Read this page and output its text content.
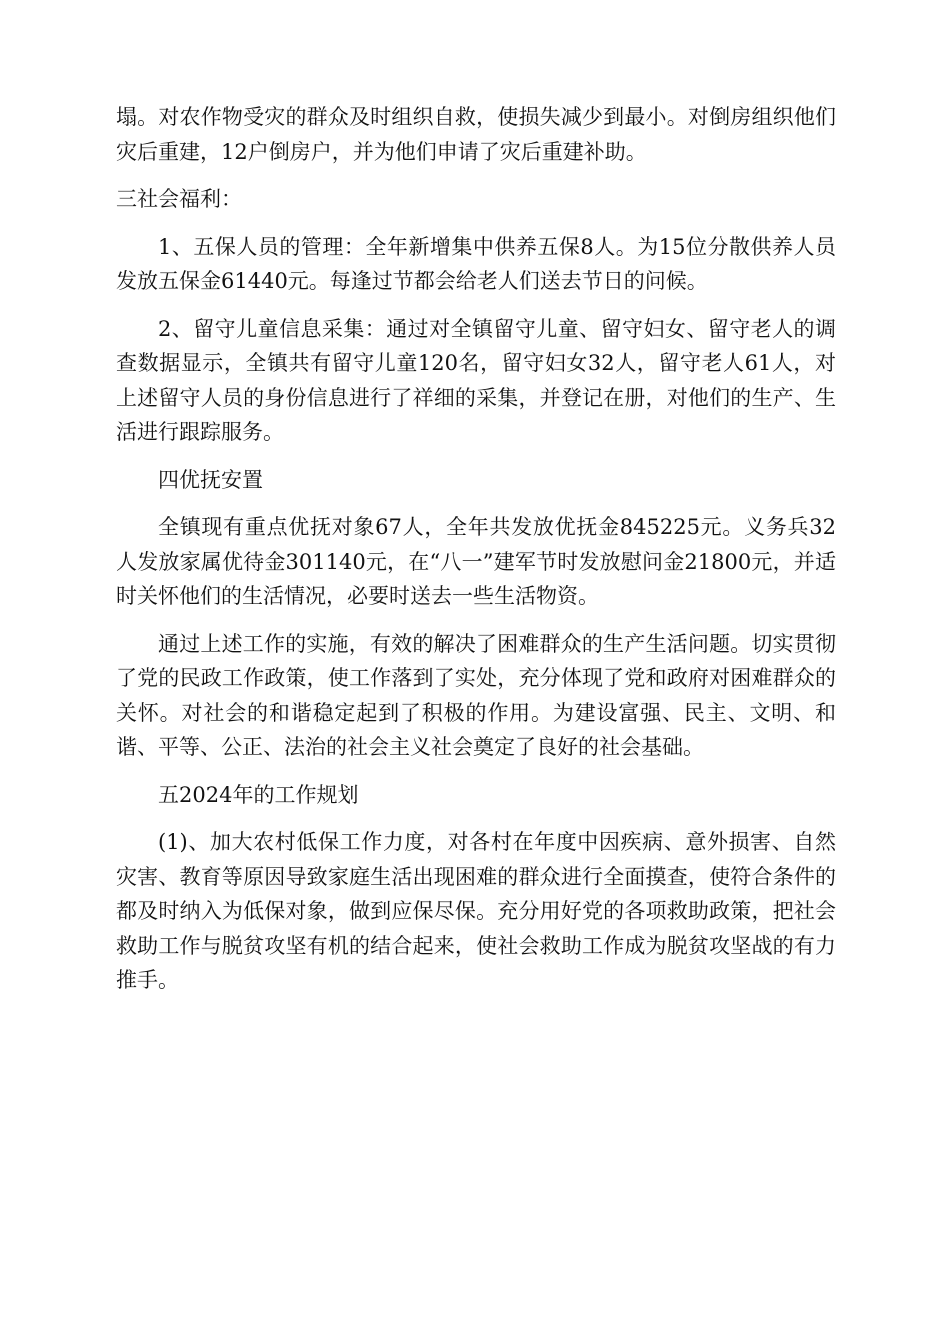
塌。对农作物受灾的群众及时组织自救，使损失减少到最小。对倒房组织他们灾后重建，12户倒房户，并为他们申请了灾后重建补助。

三社会福利：

1、五保人员的管理：全年新增集中供养五保8人。为15位分散供养人员发放五保金61440元。每逢过节都会给老人们送去节日的问候。

2、留守儿童信息采集：通过对全镇留守儿童、留守妇女、留守老人的调查数据显示，全镇共有留守儿童120名，留守妇女32人，留守老人61人，对上述留守人员的身份信息进行了祥细的采集，并登记在册，对他们的生产、生活进行跟踪服务。

四优抚安置

全镇现有重点优抚对象67人，全年共发放优抚金845225元。义务兵32人发放家属优待金301140元，在“八一”建军节时发放慰问金21800元，并适时关怀他们的生活情况，必要时送去一些生活物资。

通过上述工作的实施，有效的解决了困难群众的生产生活问题。切实贯彻了党的民政工作政策，使工作落到了实处，充分体现了党和政府对困难群众的关怀。对社会的和谐稳定起到了积极的作用。为建设富强、民主、文明、和谐、平等、公正、法治的社会主义社会奠定了良好的社会基础。

五2024年的工作规划

(1)、加大农村低保工作力度，对各村在年度中因疾病、意外损害、自然灾害、教育等原因导致家庭生活出现困难的群众进行全面摸查，使符合条件的都及时纳入为低保对象，做到应保尽保。充分用好党的各项救助政策，把社会救助工作与脱贫攻坚有机的结合起来，使社会救助工作成为脱贫攻坚战的有力推手。
